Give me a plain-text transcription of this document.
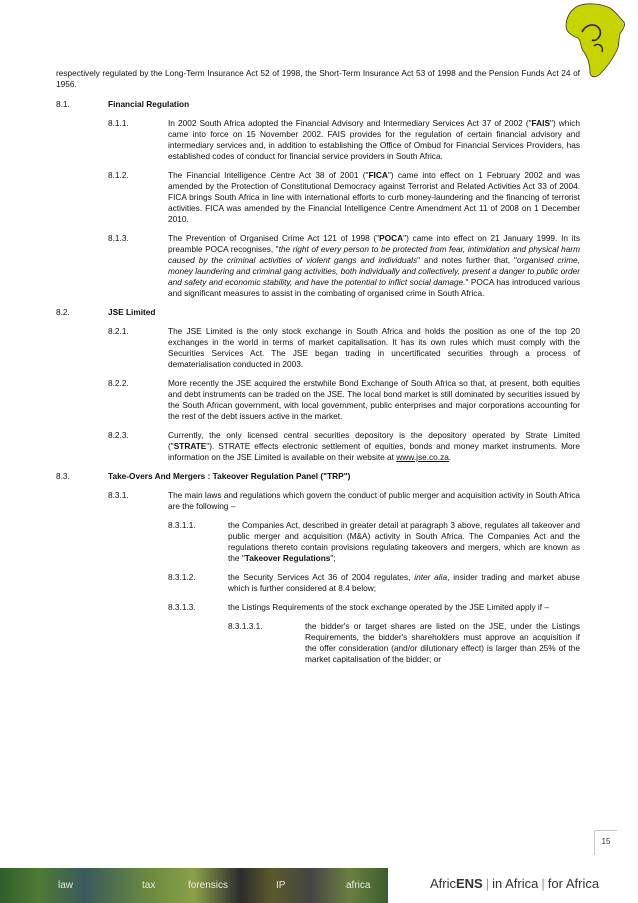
respectively regulated by the Long-Term Insurance Act 52 of 1998, the Short-Term Insurance Act 53 of 1998 and the Pension Funds Act 24 of 1956.

8.1.	Financial Regulation
8.1.1.	In 2002 South Africa adopted the Financial Advisory and Intermediary Services Act 37 of 2002 ("FAIS") which came into force on 15 November 2002. FAIS provides for the regulation of certain financial advisory and intermediary services and, in addition to establishing the Office of Ombud for Financial Services Providers, has established codes of conduct for financial service providers in South Africa.
8.1.2.	The Financial Intelligence Centre Act 38 of 2001 ("FICA") came into effect on 1 February 2002 and was amended by the Protection of Constitutional Democracy against Terrorist and Related Activities Act 33 of 2004. FICA brings South Africa in line with international efforts to curb money-laundering and the financing of terrorist activities. FICA was amended by the Financial Intelligence Centre Amendment Act 11 of 2008 on 1 December 2010.
8.1.3.	The Prevention of Organised Crime Act 121 of 1998 ("POCA") came into effect on 21 January 1999. In its preamble POCA recognises, "the right of every person to be protected from fear, intimidation and physical harm caused by the criminal activities of violent gangs and individuals" and notes further that, "organised crime, money laundering and criminal gang activities, both individually and collectively, present a danger to public order and safety and economic stability, and have the potential to inflict social damage." POCA has introduced various and significant measures to assist in the combating of organised crime in South Africa.
8.2.	JSE Limited
8.2.1.	The JSE Limited is the only stock exchange in South Africa and holds the position as one of the top 20 exchanges in the world in terms of market capitalisation. It has its own rules which must comply with the Securities Services Act. The JSE began trading in uncertificated securities through a process of dematerialisation conducted in 2003.
8.2.2.	More recently the JSE acquired the erstwhile Bond Exchange of South Africa so that, at present, both equities and debt instruments can be traded on the JSE. The local bond market is still dominated by securities issued by the South African government, with local government, public enterprises and major corporations accounting for the rest of the debt issuers active in the market.
8.2.3.	Currently, the only licensed central securities depository is the depository operated by Strate Limited ("STRATE"). STRATE effects electronic settlement of equities, bonds and money market instruments. More information on the JSE Limited is available on their website at www.jse.co.za.
8.3.	Take-Overs And Mergers : Takeover Regulation Panel ("TRP")
8.3.1.	The main laws and regulations which govern the conduct of public merger and acquisition activity in South Africa are the following –
8.3.1.1.	the Companies Act, described in greater detail at paragraph 3 above, regulates all takeover and public merger and acquisition (M&A) activity in South Africa. The Companies Act and the regulations thereto contain provisions regulating takeovers and mergers, which are known as the "Takeover Regulations";
8.3.1.2.	the Security Services Act 36 of 2004 regulates, inter alia, insider trading and market abuse which is further considered at 8.4 below;
8.3.1.3.	the Listings Requirements of the stock exchange operated by the JSE Limited apply if –
8.3.1.3.1.	the bidder's or target shares are listed on the JSE, under the Listings Requirements, the bidder's shareholders must approve an acquisition if the offer consideration (and/or dilutionary effect) is larger than 25% of the market capitalisation of the bidder; or
15
law	tax	forensics	IP	africa	AfricENS | in Africa | for Africa
